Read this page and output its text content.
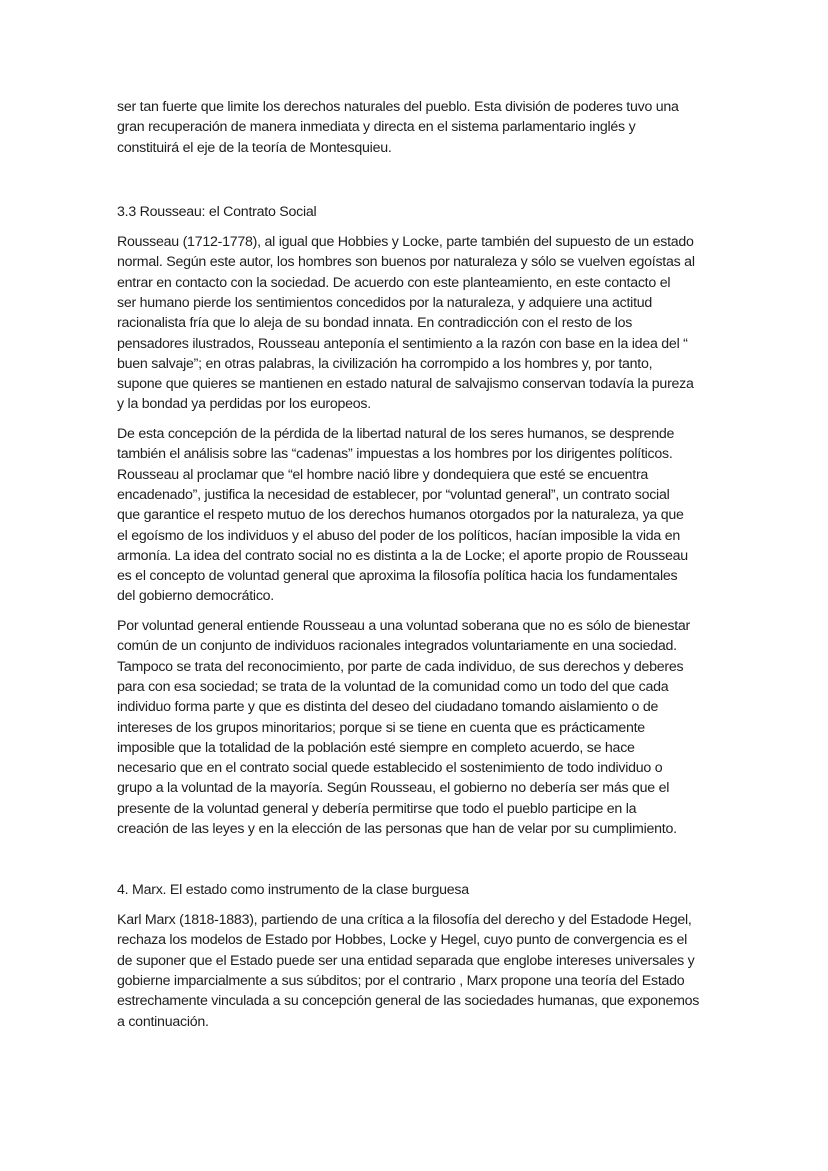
ser tan fuerte que limite los derechos naturales del pueblo. Esta división de poderes tuvo una
gran recuperación de manera inmediata y directa en el sistema parlamentario inglés y
constituirá el eje de la teoría de Montesquieu.
3.3 Rousseau: el Contrato Social
Rousseau (1712-1778), al igual que Hobbies y Locke, parte también del supuesto de un estado
normal. Según este autor, los hombres son buenos por naturaleza y sólo se vuelven egoístas al
entrar en contacto con la sociedad. De acuerdo con este planteamiento, en este contacto el
ser humano pierde los sentimientos concedidos por la naturaleza, y adquiere una actitud
racionalista fría que lo aleja de su bondad innata. En contradicción con el resto de los
pensadores ilustrados, Rousseau anteponía el sentimiento a la razón con base en la idea del “
buen salvaje”; en otras palabras, la civilización ha corrompido a los hombres y, por tanto,
supone que quieres se mantienen en estado natural de salvajismo conservan todavía la pureza
y la bondad ya perdidas por los europeos.
De esta concepción de la pérdida de la libertad natural de los seres humanos, se desprende
también el análisis sobre las “cadenas” impuestas a los hombres por los dirigentes políticos.
Rousseau al proclamar que “el hombre nació libre y dondequiera que esté se encuentra
encadenado”, justifica la necesidad de establecer, por “voluntad general”, un contrato social
que garantice el respeto mutuo de los derechos humanos otorgados por la naturaleza, ya que
el egoísmo de los individuos y el abuso del poder de los políticos, hacían imposible la vida en
armonía. La idea del contrato social no es distinta a la de Locke; el aporte propio de Rousseau
es el concepto de voluntad general que aproxima la filosofía política hacia los fundamentales
del gobierno democrático.
Por voluntad general entiende Rousseau a una voluntad soberana que no es sólo de bienestar
común de un conjunto de individuos racionales integrados voluntariamente en una sociedad.
Tampoco se trata del reconocimiento, por parte de cada individuo, de sus derechos y deberes
para con esa sociedad; se trata de la voluntad de la comunidad como un todo del que cada
individuo forma parte y que es distinta del deseo del ciudadano tomando aislamiento o de
intereses de los grupos minoritarios; porque si se tiene en cuenta que es prácticamente
imposible que la totalidad de la población esté siempre en completo acuerdo, se hace
necesario que en el contrato social quede establecido el sostenimiento de todo individuo o
grupo a la voluntad de la mayoría. Según Rousseau, el gobierno no debería ser más que el
presente de la voluntad general y debería permitirse que todo el pueblo participe en la
creación de las leyes y en la elección de las personas que han de velar por su cumplimiento.
4. Marx. El estado como instrumento de la clase burguesa
Karl Marx (1818-1883), partiendo de una crítica a la filosofía del derecho y del Estadode Hegel,
rechaza los modelos de Estado por Hobbes, Locke y Hegel, cuyo punto de convergencia es el
de suponer que el Estado puede ser una entidad separada que englobe intereses universales y
gobierne imparcialmente a sus súbditos; por el contrario , Marx propone una teoría del Estado
estrechamente vinculada a su concepción general de las sociedades humanas, que exponemos
a continuación.
